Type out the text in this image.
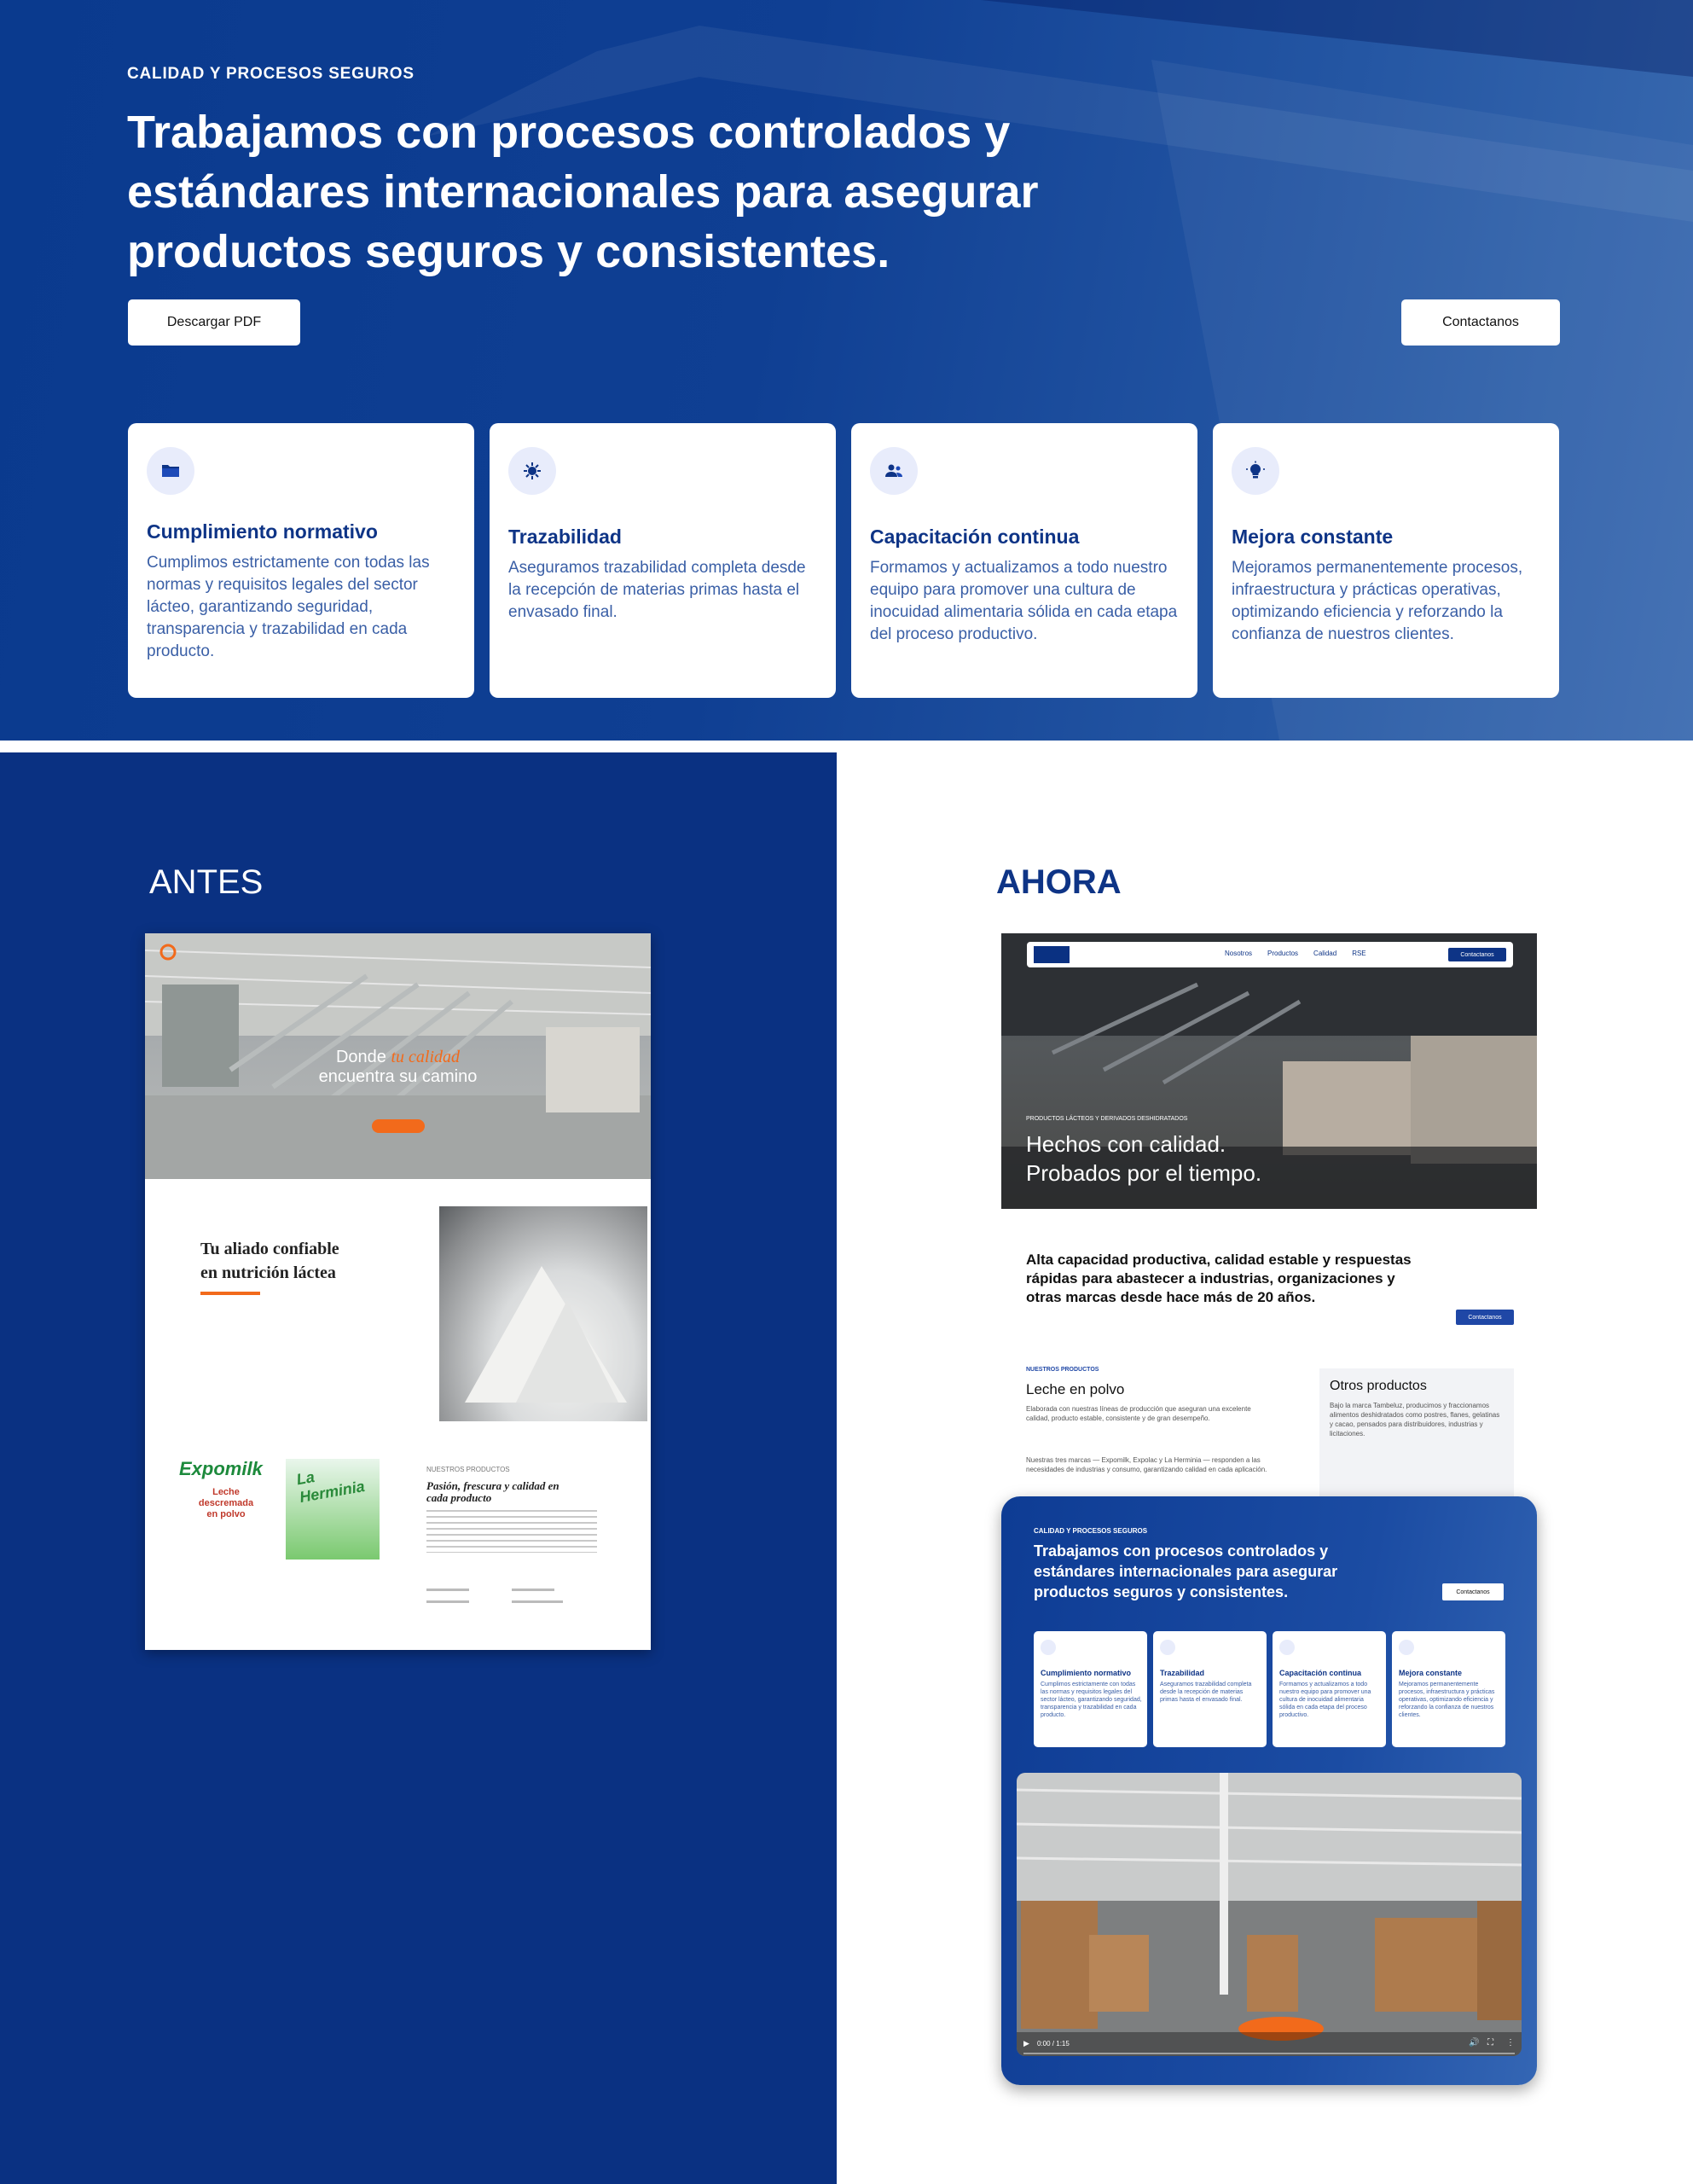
CALIDAD Y PROCESOS SEGUROS
Trabajamos con procesos controlados y
estándares internacionales para asegurar
productos seguros y consistentes.
Descargar PDF	Contactanos
Cumplimiento normativo
Cumplimos estrictamente con todas las normas y requisitos legales del sector lácteo, garantizando seguridad, transparencia y trazabilidad en cada producto.
Trazabilidad
Aseguramos trazabilidad completa desde la recepción de materias primas hasta el envasado final.
Capacitación continua
Formamos y actualizamos a todo nuestro equipo para promover una cultura de inocuidad alimentaria sólida en cada etapa del proceso productivo.
Mejora constante
Mejoramos permanentemente procesos, infraestructura y prácticas operativas, optimizando eficiencia y reforzando la confianza de nuestros clientes.
ANTES
Donde tu calidad
encuentra su camino
Tu aliado confiable
en nutrición láctea
Expomilk
Leche descremada en polvo
La Herminia
NUESTROS PRODUCTOS
Pasión, frescura y calidad en
cada producto
AHORA
Nosotros Productos Calidad RSE	Contactanos
PRODUCTOS LÁCTEOS Y DERIVADOS DESHIDRATADOS
Hechos con calidad.
Probados por el tiempo.
Alta capacidad productiva, calidad estable y respuestas rápidas para abastecer a industrias, organizaciones y otras marcas desde hace más de 20 años.
Contactanos
NUESTROS PRODUCTOS
Leche en polvo
Elaborada con nuestras líneas de producción que aseguran una excelente calidad, producto estable, consistente y de gran desempeño.
Nuestras tres marcas — Expomilk, Expolac y La Herminia — responden a las necesidades de industrias y consumo, garantizando calidad en cada aplicación.
Otros productos
Bajo la marca Tambeluz, producimos y fraccionamos alimentos deshidratados como postres, flanes, gelatinas y cacao, pensados para distribuidores, industrias y licitaciones.
CALIDAD Y PROCESOS SEGUROS
Trabajamos con procesos controlados y
estándares internacionales para asegurar
productos seguros y consistentes.	Contactanos
Cumplimiento normativo
Cumplimos estrictamente con todas las normas y requisitos legales del sector lácteo, garantizando seguridad, transparencia y trazabilidad en cada producto.
Trazabilidad
Aseguramos trazabilidad completa desde la recepción de materias primas hasta el envasado final.
Capacitación continua
Formamos y actualizamos a todo nuestro equipo para promover una cultura de inocuidad alimentaria sólida en cada etapa del proceso productivo.
Mejora constante
Mejoramos permanentemente procesos, infraestructura y prácticas operativas, optimizando eficiencia y reforzando la confianza de nuestros clientes.
▶ 0:00 / 1:15	🔊 ⛶ ⋮
